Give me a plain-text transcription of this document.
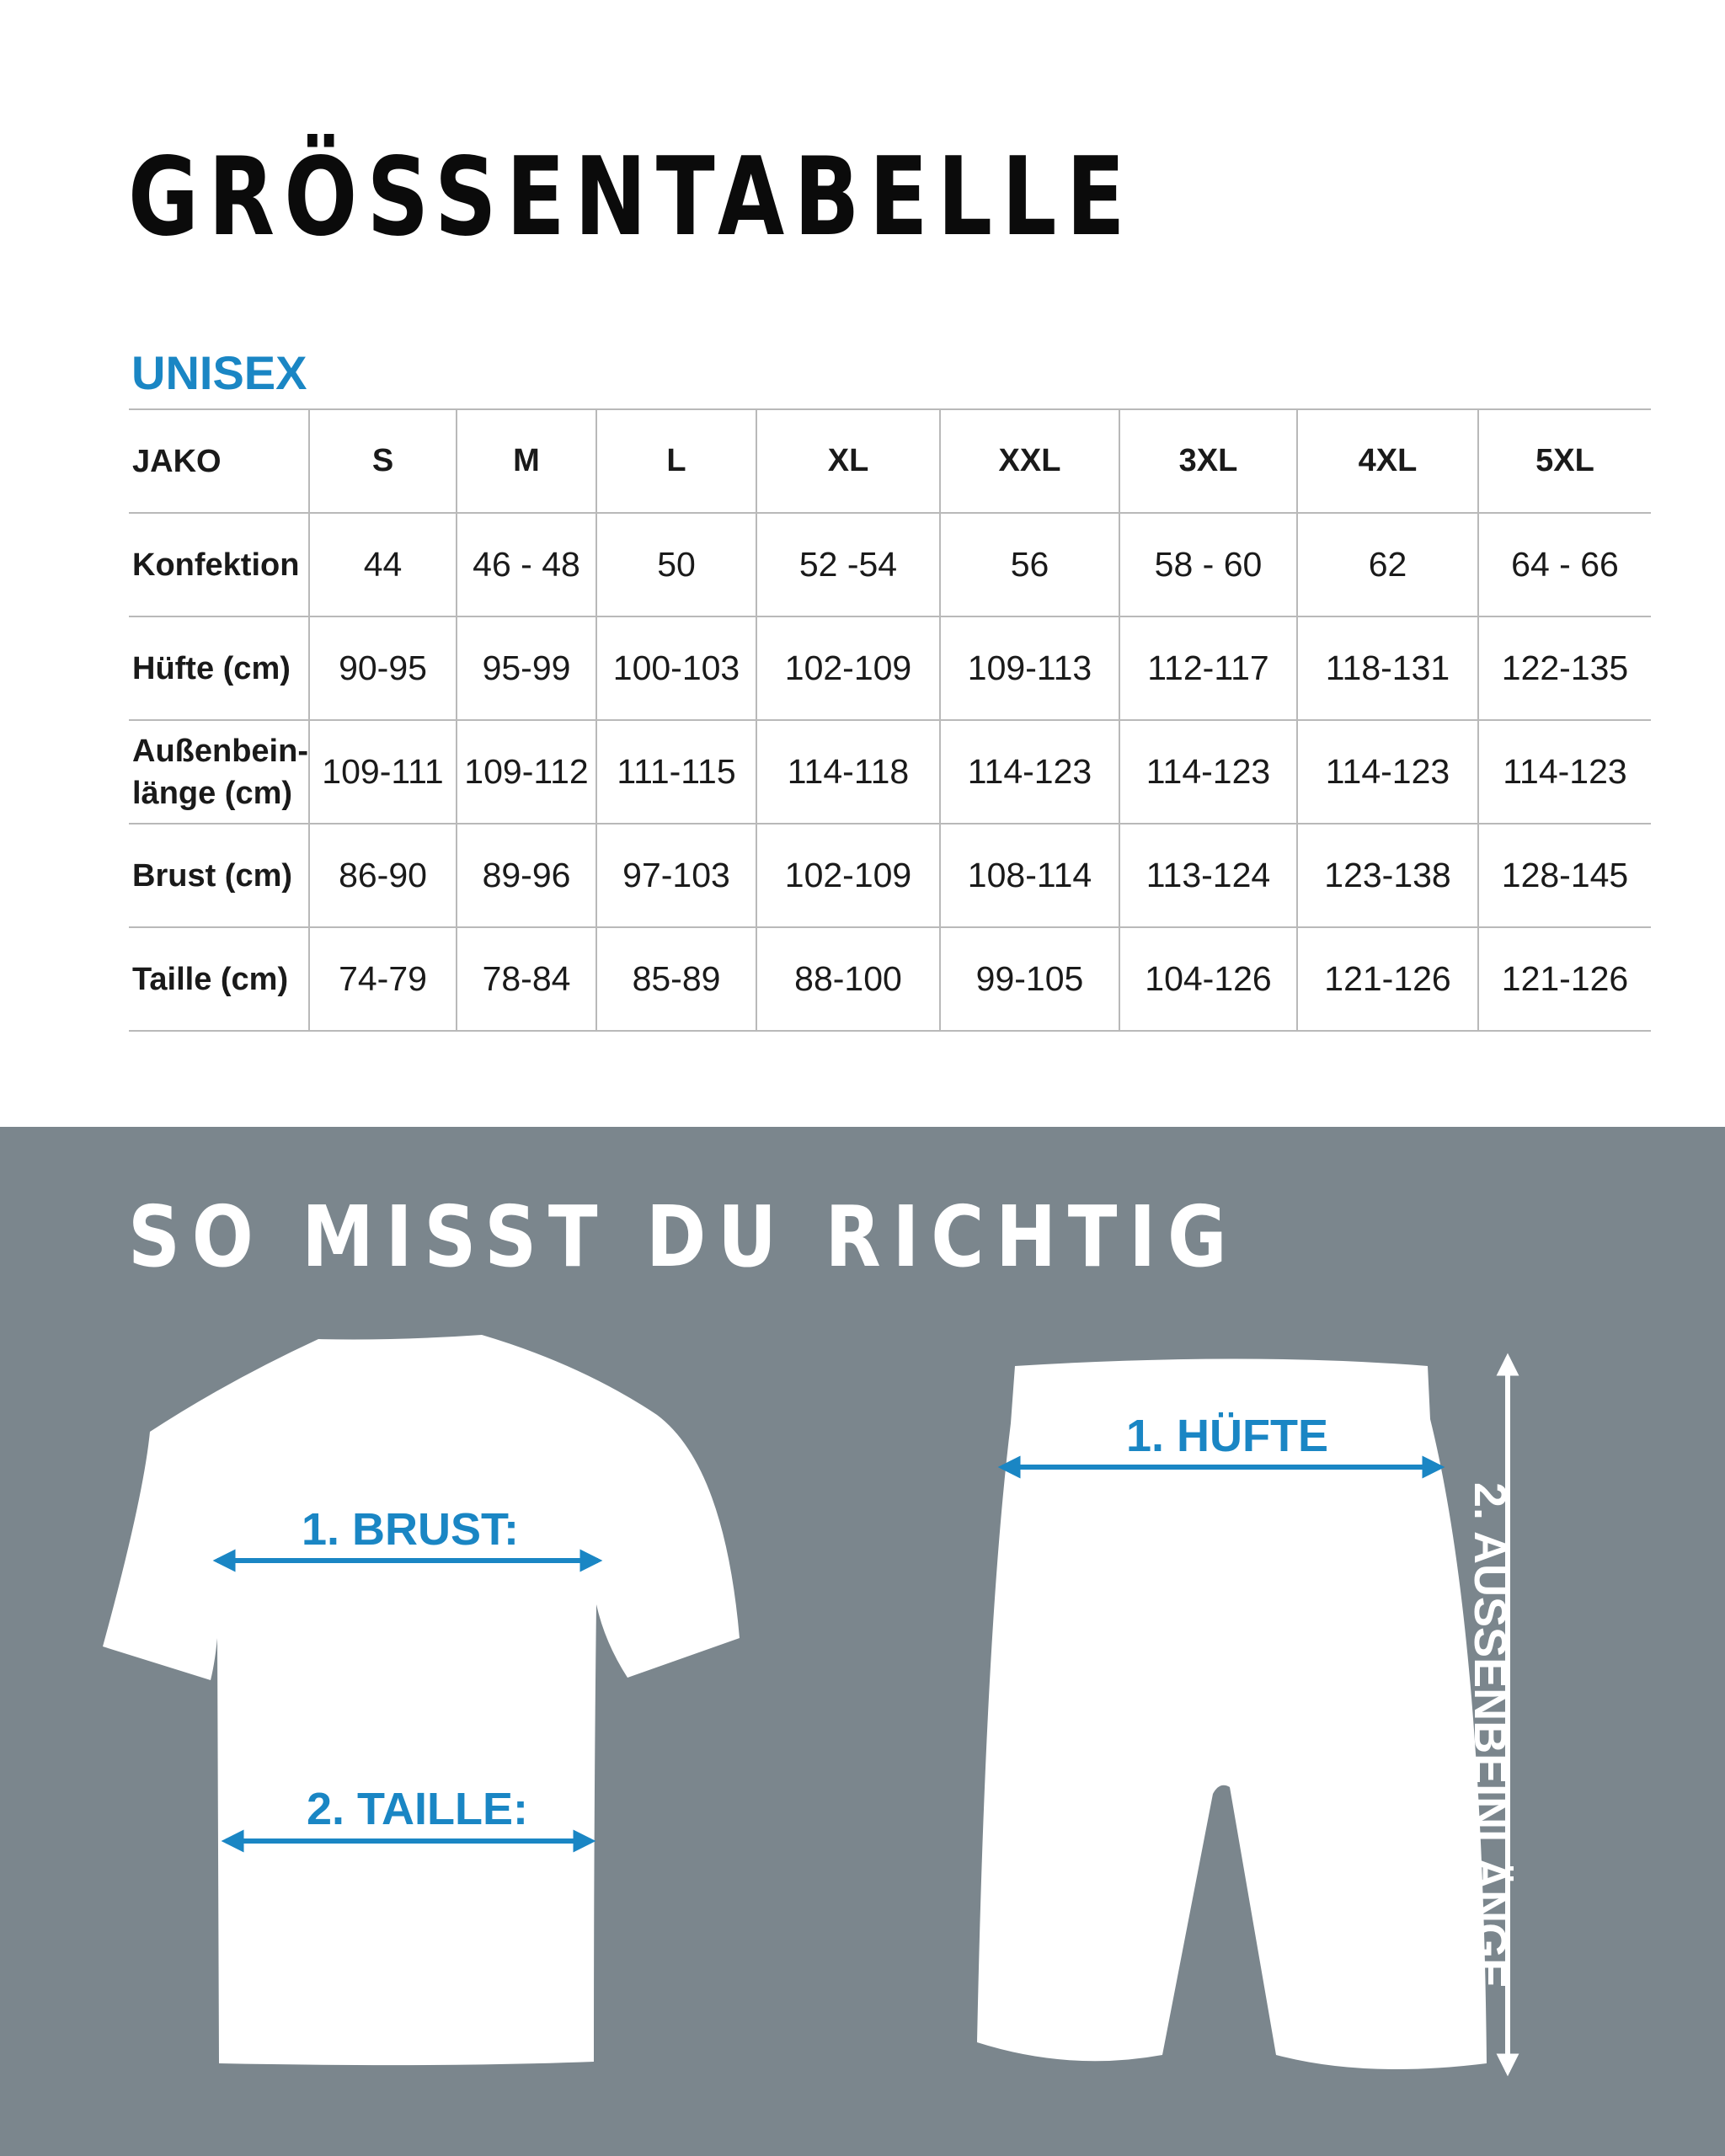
GRÖSSENTABELLE
UNISEX
JAKO	S	M	L	XL	XXL	3XL	4XL	5XL
Konfektion	44	46 - 48	50	52 -54	56	58 - 60	62	64 - 66
Hüfte (cm)	90-95	95-99	100-103	102-109	109-113	112-117	118-131	122-135
Außenbein-
länge (cm)	109-111	109-112	111-115	114-118	114-123	114-123	114-123	114-123
Brust (cm)	86-90	89-96	97-103	102-109	108-114	113-124	123-138	128-145
Taille (cm)	74-79	78-84	85-89	88-100	99-105	104-126	121-126	121-126
SO MISST DU RICHTIG

1. BRUST:

2. TAILLE:

1. HÜFTE

2. AUSSENBEINLÄNGE
